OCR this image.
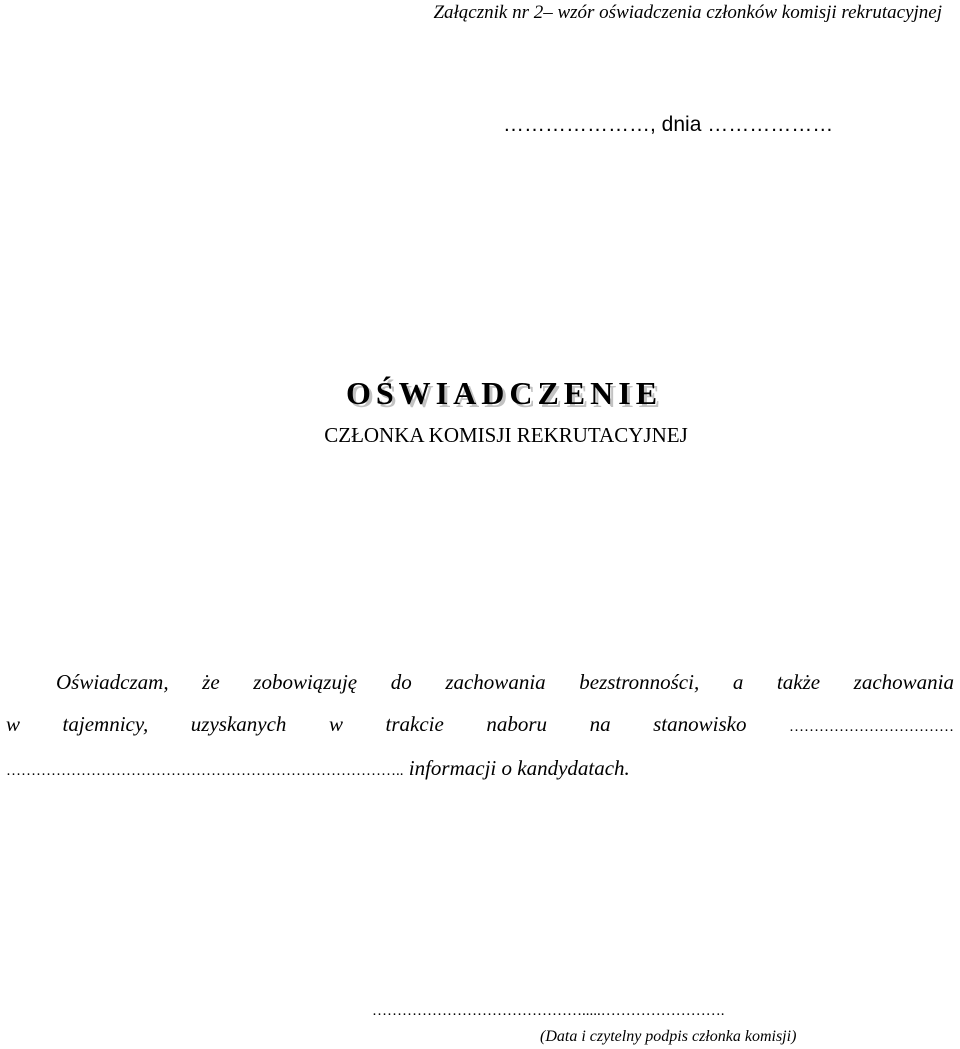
Załącznik nr 2– wzór oświadczenia członków komisji rekrutacyjnej
…………………, dnia ………………
OŚWIADCZENIE
CZŁONKA KOMISJI REKRUTACYJNEJ
Oświadczam, że zobowiązuję do zachowania bezstronności, a także zachowania
w tajemnicy, uzyskanych w trakcie naboru na stanowisko	……………………………
…………………………………………………………………….. informacji o kandydatach.
…………………………………….....…………………….
(Data i czytelny podpis członka komisji)
